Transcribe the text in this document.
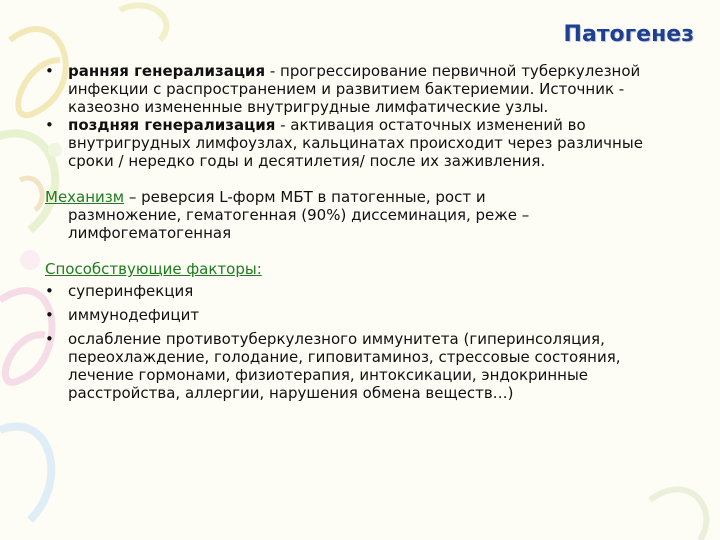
Патогенез

• ранняя генерализация - прогрессирование первичной туберкулезной инфекции с распространением и развитием бактериемии. Источник - казеозно измененные внутригрудные лимфатические узлы.

• поздняя генерализация - активация остаточных изменений во внутригрудных лимфоузлах, кальцинатах происходит через различные сроки / нередко годы и десятилетия/ после их заживления.

Механизм – реверсия L-форм МБТ в патогенные, рост и
размножение, гематогенная (90%) диссеминация, реже – лимфогематогенная

Способствующие факторы:

• суперинфекция

• иммунодефицит

• ослабление противотуберкулезного иммунитета (гиперинсоляция, переохлаждение, голодание, гиповитаминоз, стрессовые состояния, лечение гормонами, физиотерапия, интоксикации, эндокринные расстройства, аллергии, нарушения обмена веществ…)
